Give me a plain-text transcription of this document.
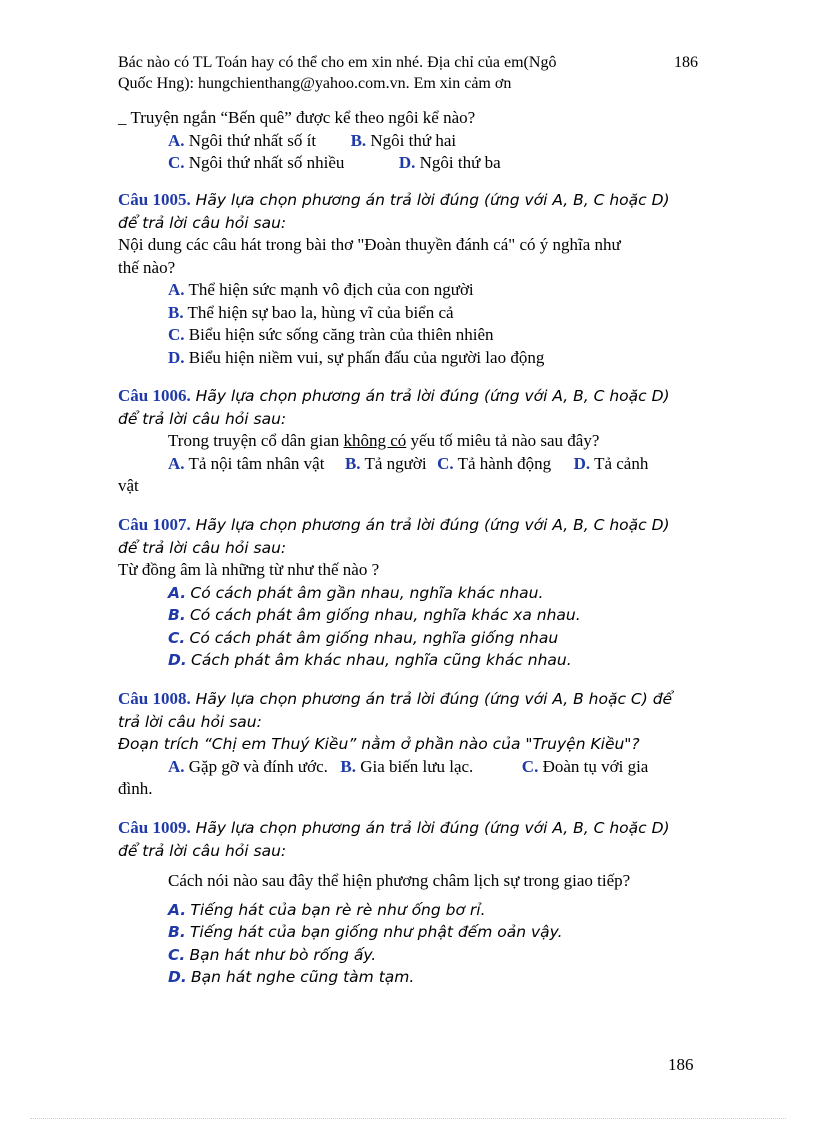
Bác nào có TL Toán hay có thể cho em xin nhé. Địa chỉ của em(Ngô
Quốc Hng): hungchienthang@yahoo.com.vn. Em xin cảm ơn
186
_ Truyện ngắn “Bến quê” được kể theo ngôi kể nào?
A. Ngôi thứ nhất số ít B. Ngôi thứ hai
C. Ngôi thứ nhất số nhiều	D. Ngôi thứ ba
Câu 1005. Hãy lựa chọn phương án trả lời đúng (ứng với A, B, C hoặc D)
để trả lời câu hỏi sau:
Nội dung các câu hát trong bài thơ "Đoàn thuyền đánh cá" có ý nghĩa như
thế nào?
A. Thể hiện sức mạnh vô địch của con người
B. Thể hiện sự bao la, hùng vĩ của biển cả
C. Biểu hiện sức sống căng tràn của thiên nhiên
D. Biểu hiện niềm vui, sự phấn đấu của người lao động
Câu 1006. Hãy lựa chọn phương án trả lời đúng (ứng với A, B, C hoặc D)
để trả lời câu hỏi sau:
Trong truyện cổ dân gian không có yếu tố miêu tả nào sau đây?
A. Tả nội tâm nhân vật B. Tả người C. Tả hành động D. Tả cảnh
vật
Câu 1007. Hãy lựa chọn phương án trả lời đúng (ứng với A, B, C hoặc D)
để trả lời câu hỏi sau:
Từ đồng âm là những từ như thế nào ?
A. Có cách phát âm gần nhau, nghĩa khác nhau.
B. Có cách phát âm giống nhau, nghĩa khác xa nhau.
C. Có cách phát âm giống nhau, nghĩa giống nhau
D. Cách phát âm khác nhau, nghĩa cũng khác nhau.
Câu 1008. Hãy lựa chọn phương án trả lời đúng (ứng với A, B hoặc C) để
trả lời câu hỏi sau:
Đoạn trích “Chị em Thuý Kiều” nằm ở phần nào của "Truyện Kiều"?
A. Gặp gỡ và đính ước. B. Gia biến lưu lạc.	C. Đoàn tụ với gia
đình.
Câu 1009. Hãy lựa chọn phương án trả lời đúng (ứng với A, B, C hoặc D)
để trả lời câu hỏi sau:
Cách nói nào sau đây thể hiện phương châm lịch sự trong giao tiếp?
A. Tiếng hát của bạn rè rè như ống bơ rỉ.
B. Tiếng hát của bạn giống như phật đếm oản vậy.
C. Bạn hát như bò rống ấy.
D. Bạn hát nghe cũng tàm tạm.
186
